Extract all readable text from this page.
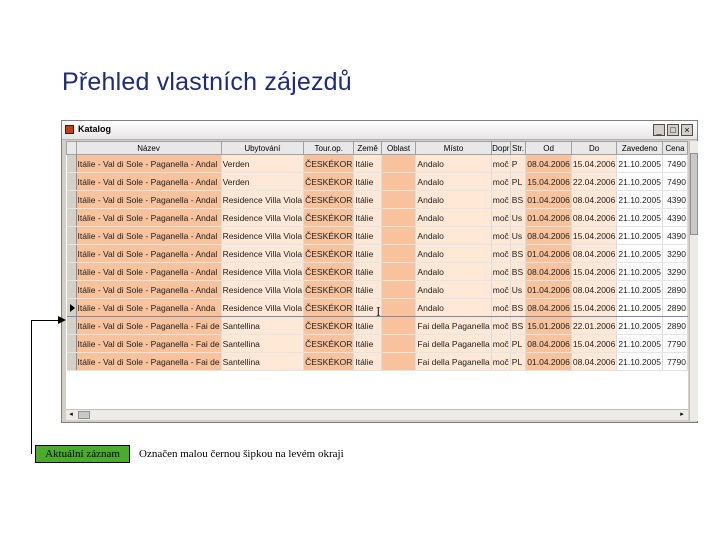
Přehled vlastních zájezdů
Katalog	_ □ ×
	Název	Ubytování	Tour.op.	Země	Oblast	Místo	Dopr	Str.	Od	Do	Zavedeno	Cena
	Itálie - Val di Sole - Paganella - Andal	Verden	ČESKÉKOR	Itálie		Andalo	moč	P	08.04.2006	15.04.2006	21.10.2005	7490
	Itálie - Val di Sole - Paganella - Andal	Verden	ČESKÉKOR	Itálie		Andalo	moč	PL	15.04.2006	22.04.2006	21.10.2005	7490
	Itálie - Val di Sole - Paganella - Andal	Residence Villa Viola	ČESKÉKOR	Itálie		Andalo	moč	BS	01.04.2006	08.04.2006	21.10.2005	4390
	Itálie - Val di Sole - Paganella - Andal	Residence Villa Viola	ČESKÉKOR	Itálie		Andalo	moč	Us	01.04.2006	08.04.2006	21.10.2005	4390
	Itálie - Val di Sole - Paganella - Andal	Residence Villa Viola	ČESKÉKOR	Itálie		Andalo	moč	Us	08.04.2006	15.04.2006	21.10.2005	4390
	Itálie - Val di Sole - Paganella - Andal	Residence Villa Viola	ČESKÉKOR	Itálie		Andalo	moč	BS	01.04.2006	08.04.2006	21.10.2005	3290
	Itálie - Val di Sole - Paganella - Andal	Residence Villa Viola	ČESKÉKOR	Itálie		Andalo	moč	BS	08.04.2006	15.04.2006	21.10.2005	3290
	Itálie - Val di Sole - Paganella - Andal	Residence Villa Viola	ČESKÉKOR	Itálie		Andalo	moč	Us	01.04.2006	08.04.2006	21.10.2005	2890
	Itálie - Val di Sole - Paganella - Anda	Residence Villa Viola	ČESKÉKOR	Itálie		Andalo	moč	BS	08.04.2006	15.04.2006	21.10.2005	2890
	Itálie - Val di Sole - Paganella - Fai de	Santellina	ČESKÉKOR	Itálie		Fai della Paganella	moč	BS	15.01.2006	22.01.2006	21.10.2005	2890
	Itálie - Val di Sole - Paganella - Fai de	Santellina	ČESKÉKOR	Itálie		Fai della Paganella	moč	PL	08.04.2006	15.04.2006	21.10.2005	7790
	Itálie - Val di Sole - Paganella - Fai de	Santellina	ČESKÉKOR	Itálie		Fai della Paganella	moč	PL	01.04.2006	08.04.2006	21.10.2005	7790
◂	▸
I
Aktuální záznam	Označen malou černou šipkou na levém okraji
